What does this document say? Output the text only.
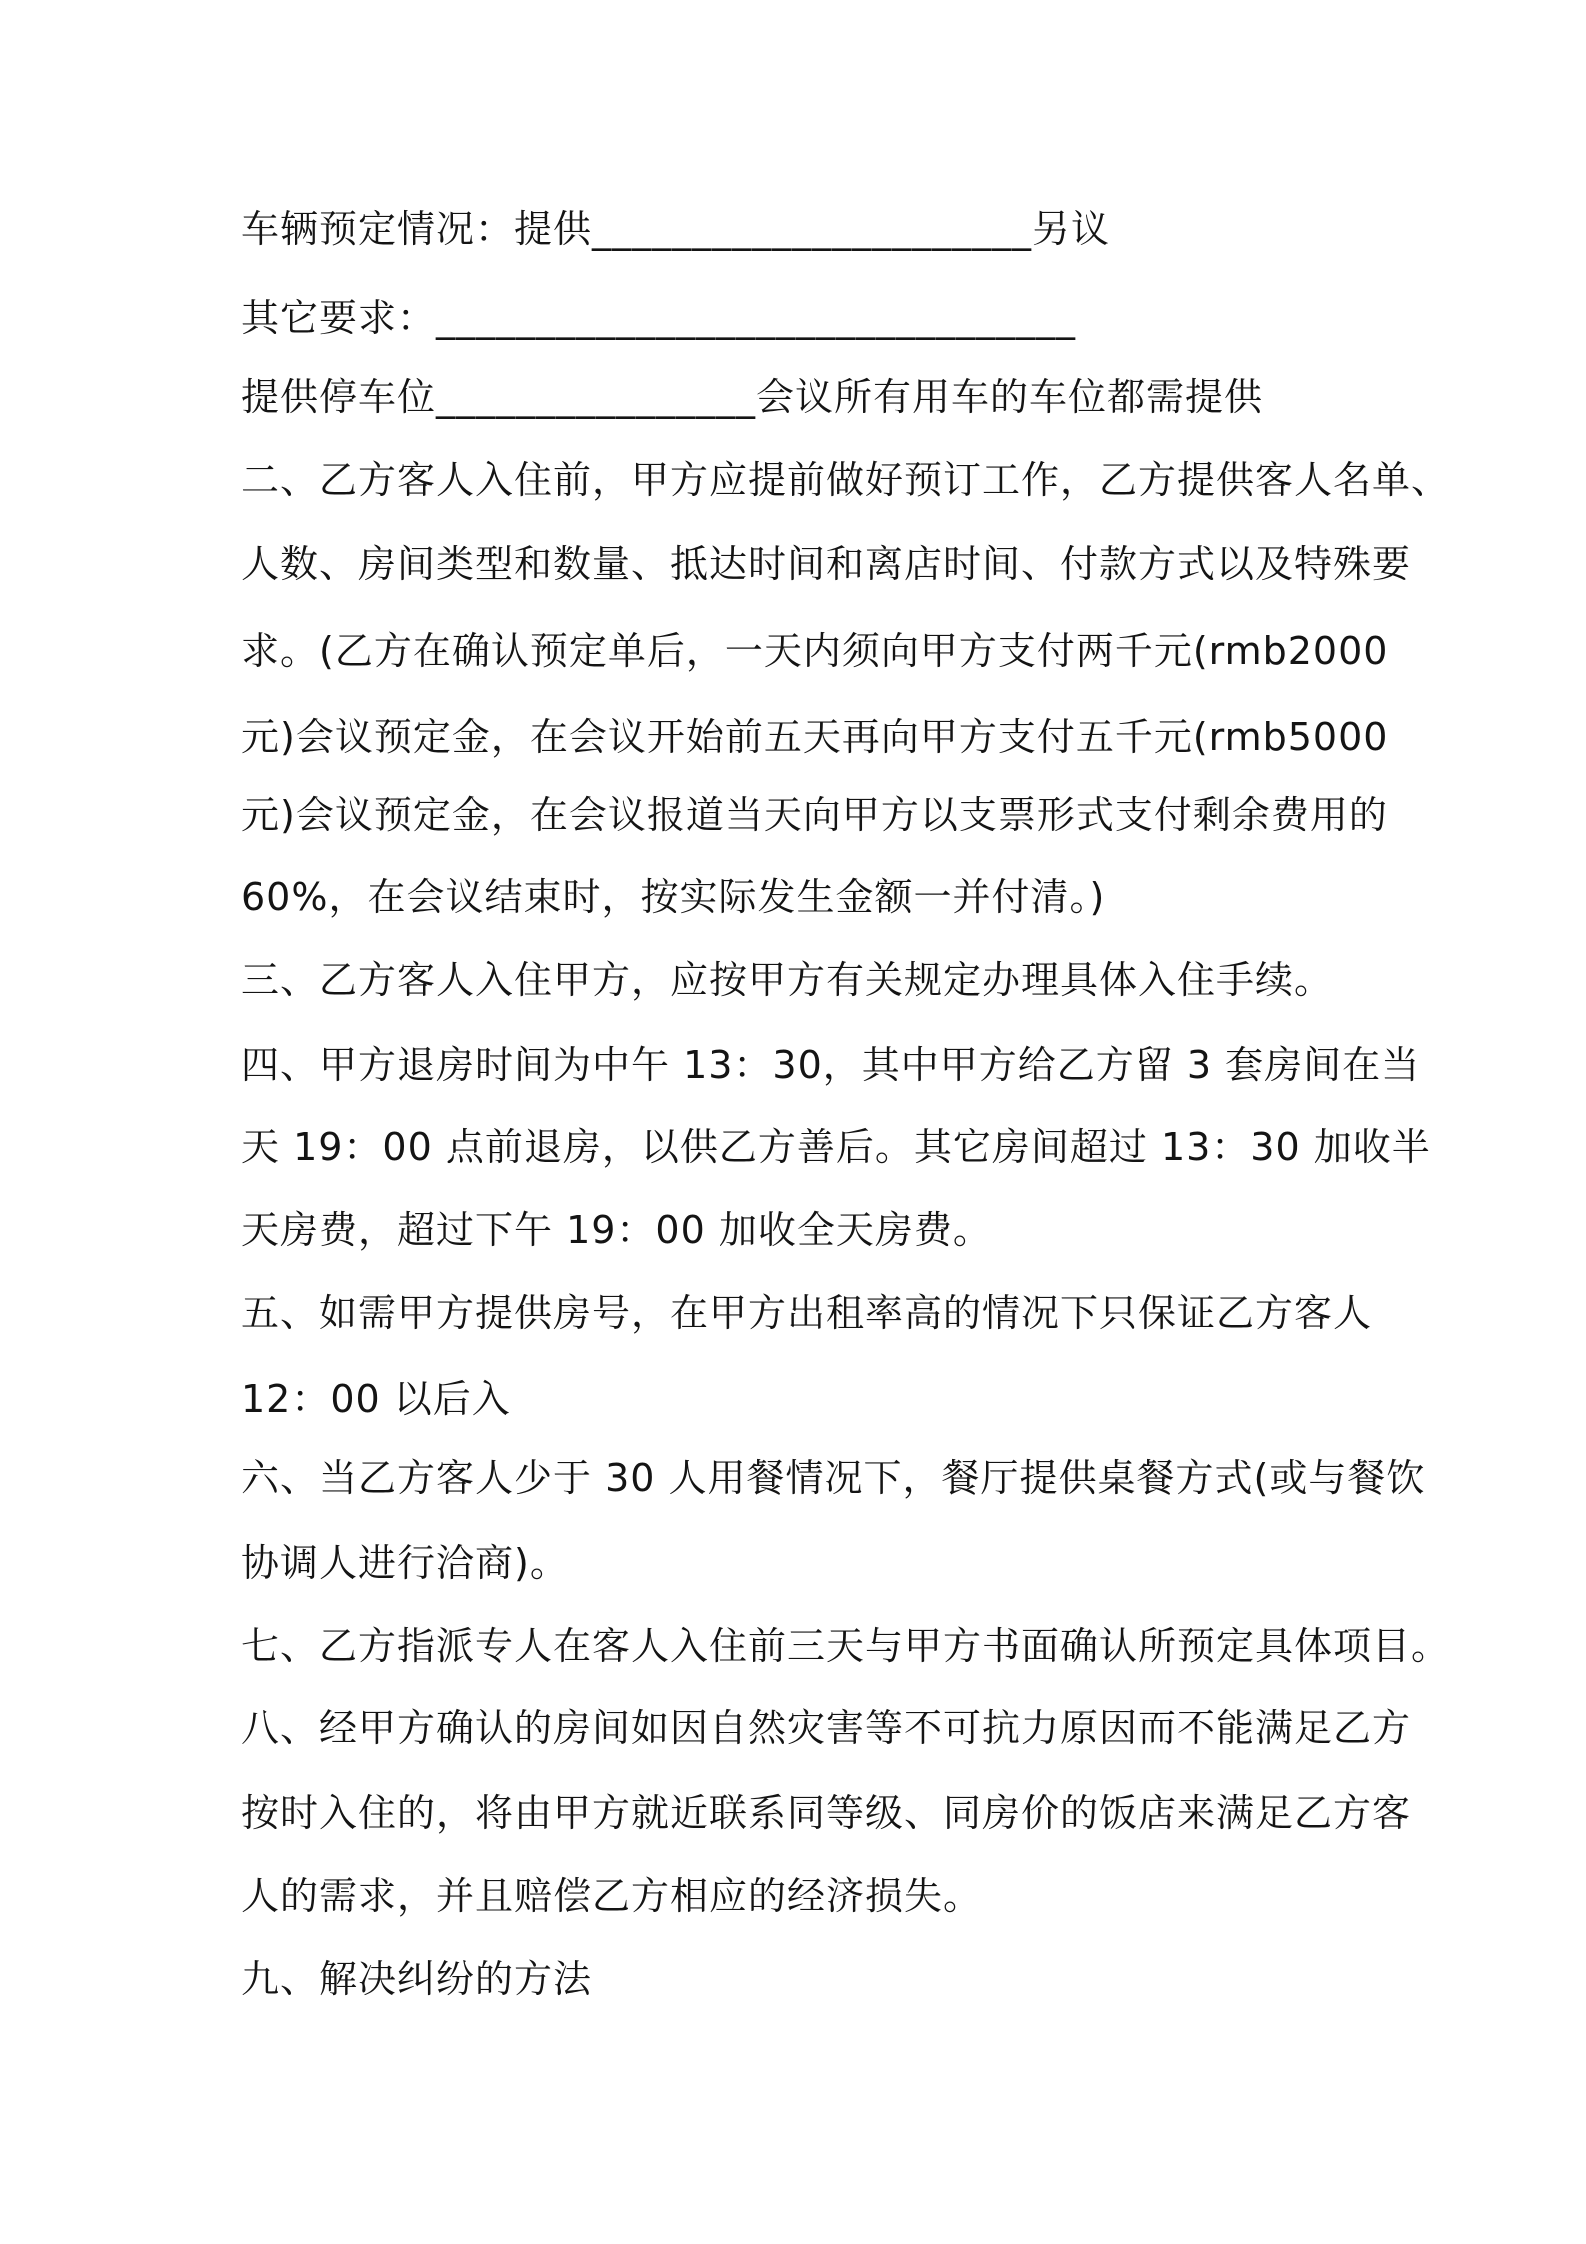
车辆预定情况：提供______________________另议
其它要求：________________________________
提供停车位________________会议所有用车的车位都需提供
二、乙方客人入住前，甲方应提前做好预订工作，乙方提供客人名单、
人数、房间类型和数量、抵达时间和离店时间、付款方式以及特殊要
求。(乙方在确认预定单后，一天内须向甲方支付两千元(rmb2000
元)会议预定金，在会议开始前五天再向甲方支付五千元(rmb5000
元)会议预定金，在会议报道当天向甲方以支票形式支付剩余费用的
60%，在会议结束时，按实际发生金额一并付清。)
三、乙方客人入住甲方，应按甲方有关规定办理具体入住手续。
四、甲方退房时间为中午 13：30，其中甲方给乙方留 3 套房间在当
天 19：00 点前退房，以供乙方善后。其它房间超过 13：30 加收半
天房费，超过下午 19：00 加收全天房费。
五、如需甲方提供房号，在甲方出租率高的情况下只保证乙方客人
12：00 以后入
六、当乙方客人少于 30 人用餐情况下，餐厅提供桌餐方式(或与餐饮
协调人进行洽商)。
七、乙方指派专人在客人入住前三天与甲方书面确认所预定具体项目。
八、经甲方确认的房间如因自然灾害等不可抗力原因而不能满足乙方
按时入住的，将由甲方就近联系同等级、同房价的饭店来满足乙方客
人的需求，并且赔偿乙方相应的经济损失。
九、解决纠纷的方法
